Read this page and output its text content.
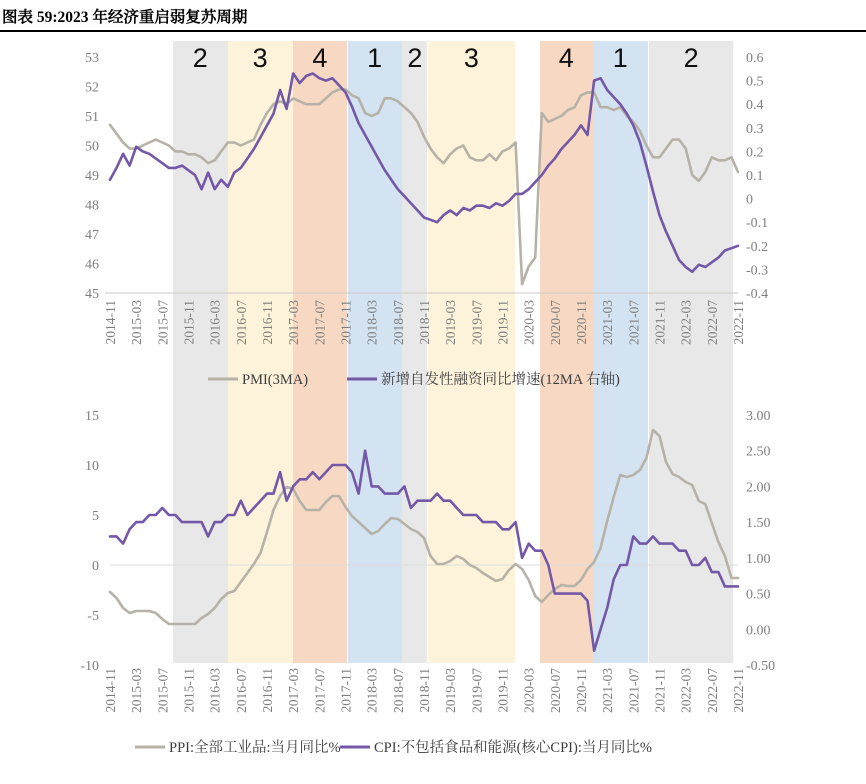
图表 59:2023 年经济重启弱复苏周期
2 3 4 1 2 3	4 1 2
53
52
51
50
49
48
47
46
45
0.6
0.5
0.4
0.3
0.2
0.1
0
-0.1
-0.2
-0.3
-0.4
2014-11 2015-03 2015-07 2015-11 2016-03 2016-07 2016-11 2017-03 2017-07 2017-11 2018-03 2018-07 2018-11 2019-03 2019-07 2019-11 2020-03 2020-07 2020-11 2021-03 2021-07 2021-11 2022-03 2022-07 2022-11
PMI(3MA)	新增自发性融资同比增速(12MA 右轴)
15
10
5
0
-5
-10
3.00
2.50
2.00
1.50
1.00
0.50
0.00
-0.50
2014-11 2015-03 2015-07 2015-11 2016-03 2016-07 2016-11 2017-03 2017-07 2017-11 2018-03 2018-07 2018-11 2019-03 2019-07 2019-11 2020-03 2020-07 2020-11 2021-03 2021-07 2021-11 2022-03 2022-07 2022-11
PPI:全部工业品:当月同比% CPI:不包括食品和能源(核心CPI):当月同比%
